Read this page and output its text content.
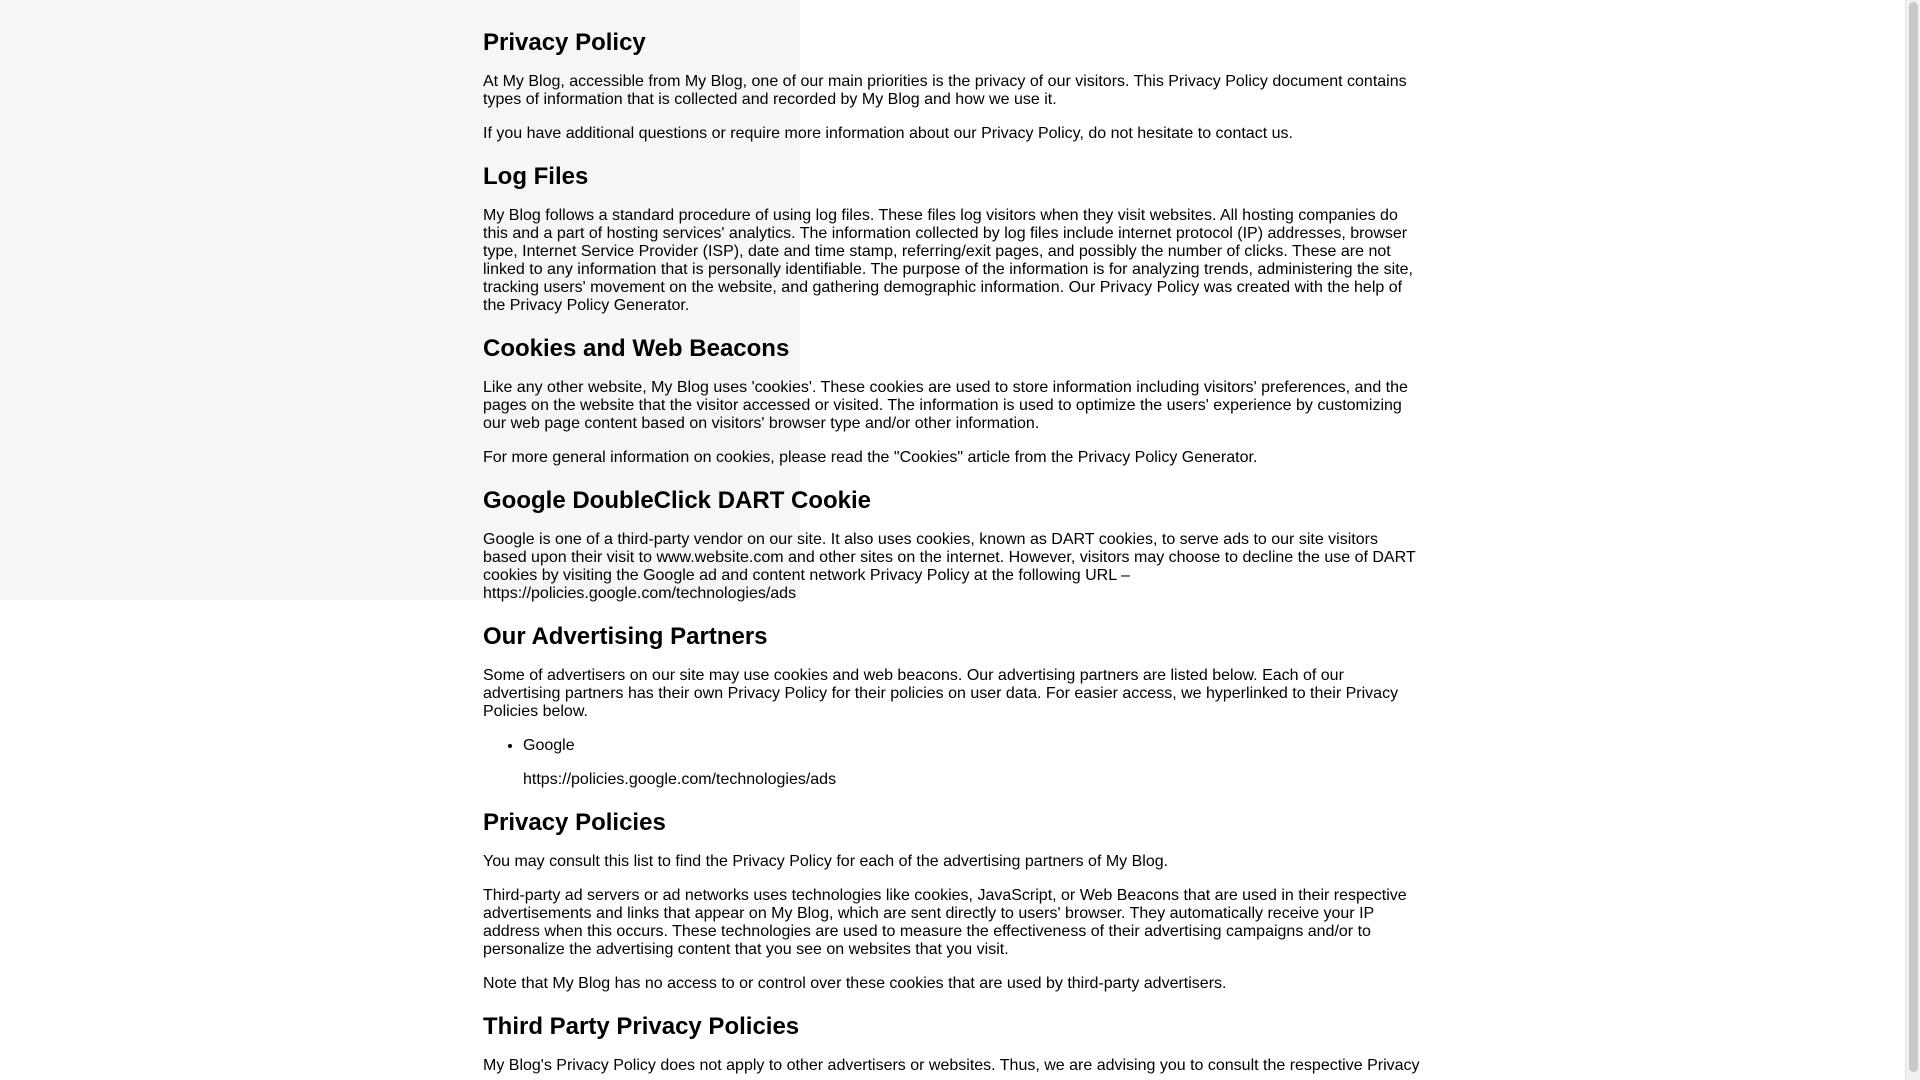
Privacy Policy

At My Blog, accessible from My Blog, one of our main priorities is the privacy of our visitors. This Privacy Policy document contains types of information that is collected and recorded by My Blog and how we use it.

If you have additional questions or require more information about our Privacy Policy, do not hesitate to contact us.

Log Files

My Blog follows a standard procedure of using log files. These files log visitors when they visit websites. All hosting companies do this and a part of hosting services' analytics. The information collected by log files include internet protocol (IP) addresses, browser type, Internet Service Provider (ISP), date and time stamp, referring/exit pages, and possibly the number of clicks. These are not linked to any information that is personally identifiable. The purpose of the information is for analyzing trends, administering the site, tracking users' movement on the website, and gathering demographic information. Our Privacy Policy was created with the help of the Privacy Policy Generator.

Cookies and Web Beacons

Like any other website, My Blog uses 'cookies'. These cookies are used to store information including visitors' preferences, and the pages on the website that the visitor accessed or visited. The information is used to optimize the users' experience by customizing our web page content based on visitors' browser type and/or other information.

For more general information on cookies, please read the "Cookies" article from the Privacy Policy Generator.

Google DoubleClick DART Cookie

Google is one of a third-party vendor on our site. It also uses cookies, known as DART cookies, to serve ads to our site visitors based upon their visit to www.website.com and other sites on the internet. However, visitors may choose to decline the use of DART cookies by visiting the Google ad and content network Privacy Policy at the following URL – https://policies.google.com/technologies/ads

Our Advertising Partners

Some of advertisers on our site may use cookies and web beacons. Our advertising partners are listed below. Each of our advertising partners has their own Privacy Policy for their policies on user data. For easier access, we hyperlinked to their Privacy Policies below.

• Google

https://policies.google.com/technologies/ads

Privacy Policies

You may consult this list to find the Privacy Policy for each of the advertising partners of My Blog.

Third-party ad servers or ad networks uses technologies like cookies, JavaScript, or Web Beacons that are used in their respective advertisements and links that appear on My Blog, which are sent directly to users' browser. They automatically receive your IP address when this occurs. These technologies are used to measure the effectiveness of their advertising campaigns and/or to personalize the advertising content that you see on websites that you visit.

Note that My Blog has no access to or control over these cookies that are used by third-party advertisers.

Third Party Privacy Policies

My Blog's Privacy Policy does not apply to other advertisers or websites. Thus, we are advising you to consult the respective Privacy
